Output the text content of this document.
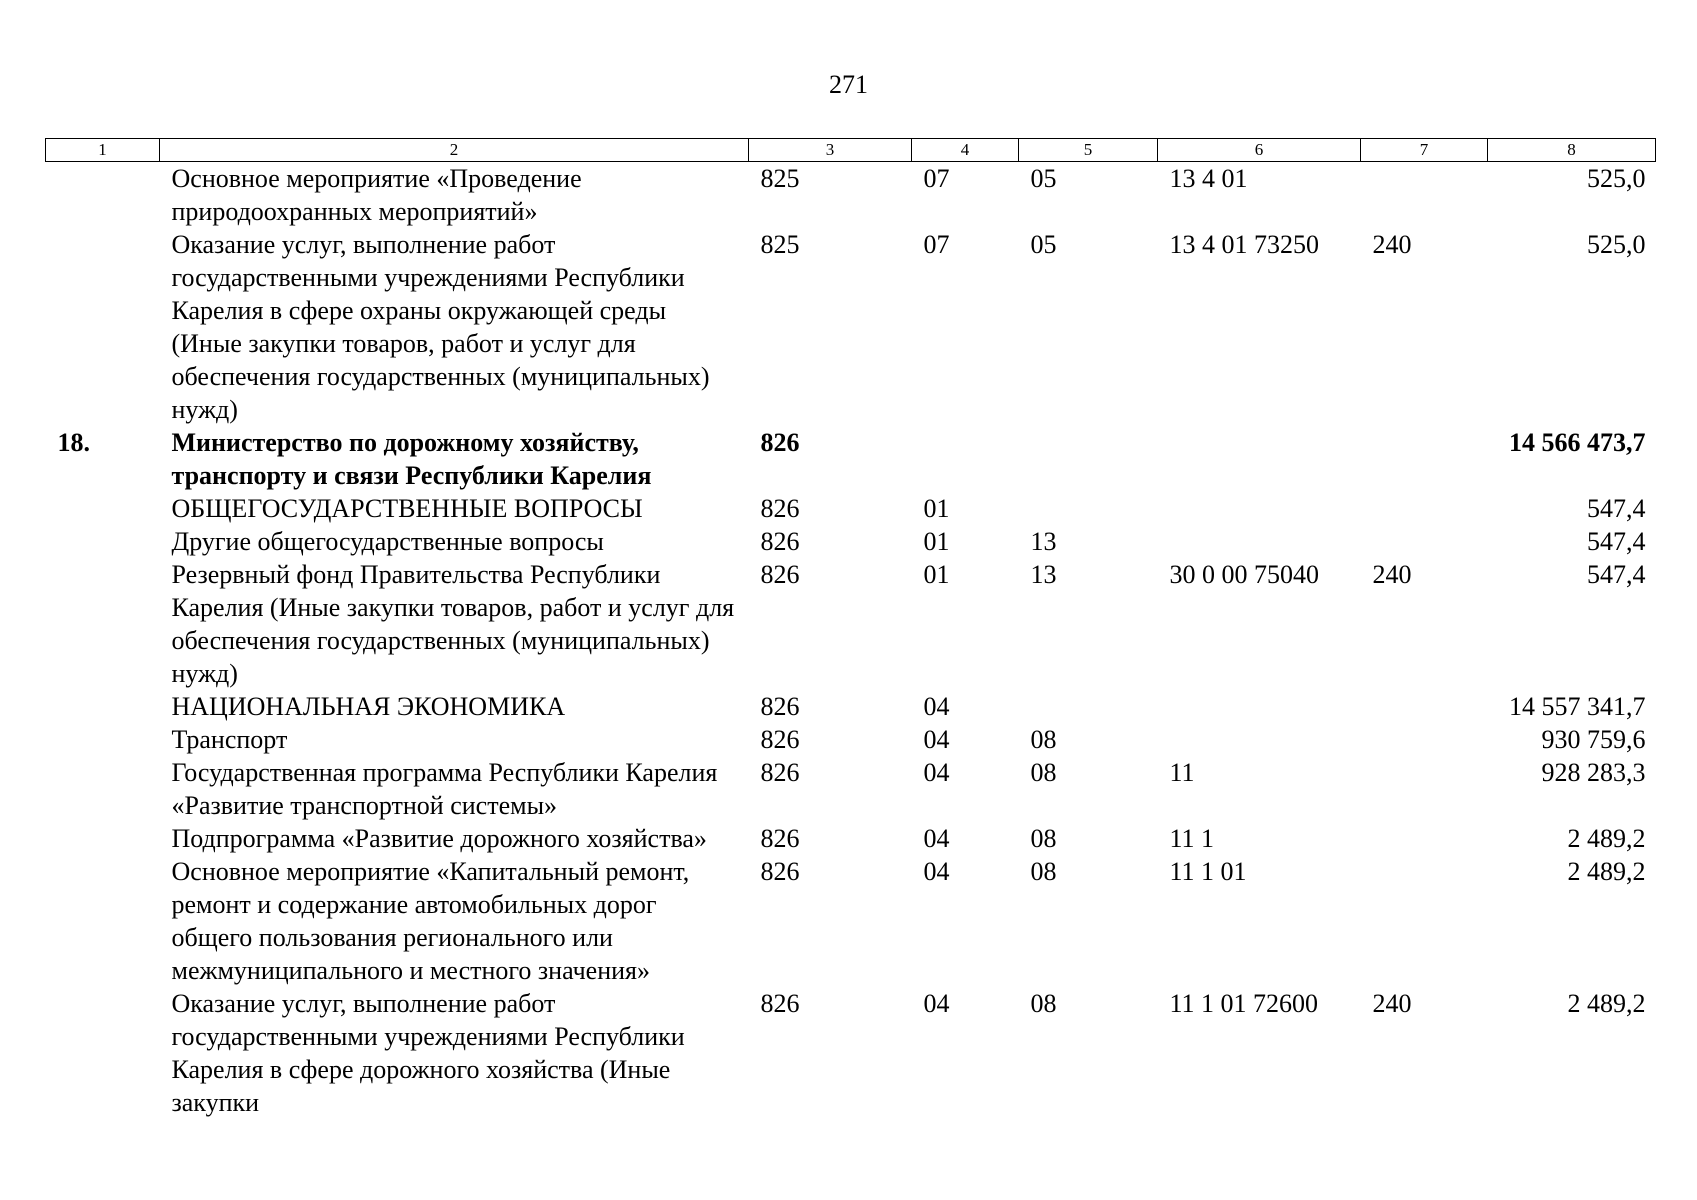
271
1	2	3	4	5	6	7	8
	Основное мероприятие «Проведение природоохранных мероприятий»	825	07	05	13 4 01		525,0
	Оказание услуг, выполнение работ государственными учреждениями Республики Карелия в сфере охраны окружающей среды (Иные закупки товаров, работ и услуг для обеспечения государственных (муниципальных) нужд)	825	07	05	13 4 01 73250	240	525,0
18.	Министерство по дорожному хозяйству, транспорту и связи Республики Карелия	826					14 566 473,7
	ОБЩЕГОСУДАРСТВЕННЫЕ ВОПРОСЫ	826	01				547,4
	Другие общегосударственные вопросы	826	01	13			547,4
	Резервный фонд Правительства Республики Карелия (Иные закупки товаров, работ и услуг для обеспечения государственных (муниципальных) нужд)	826	01	13	30 0 00 75040	240	547,4
	НАЦИОНАЛЬНАЯ ЭКОНОМИКА	826	04				14 557 341,7
	Транспорт	826	04	08			930 759,6
	Государственная программа Республики Карелия «Развитие транспортной системы»	826	04	08	11		928 283,3
	Подпрограмма «Развитие дорожного хозяйства»	826	04	08	11 1		2 489,2
	Основное мероприятие «Капитальный ремонт, ремонт и содержание автомобильных дорог общего пользования регионального или межмуниципального и местного значения»	826	04	08	11 1 01		2 489,2
	Оказание услуг, выполнение работ государственными учреждениями Республики Карелия в сфере дорожного хозяйства (Иные закупки	826	04	08	11 1 01 72600	240	2 489,2
